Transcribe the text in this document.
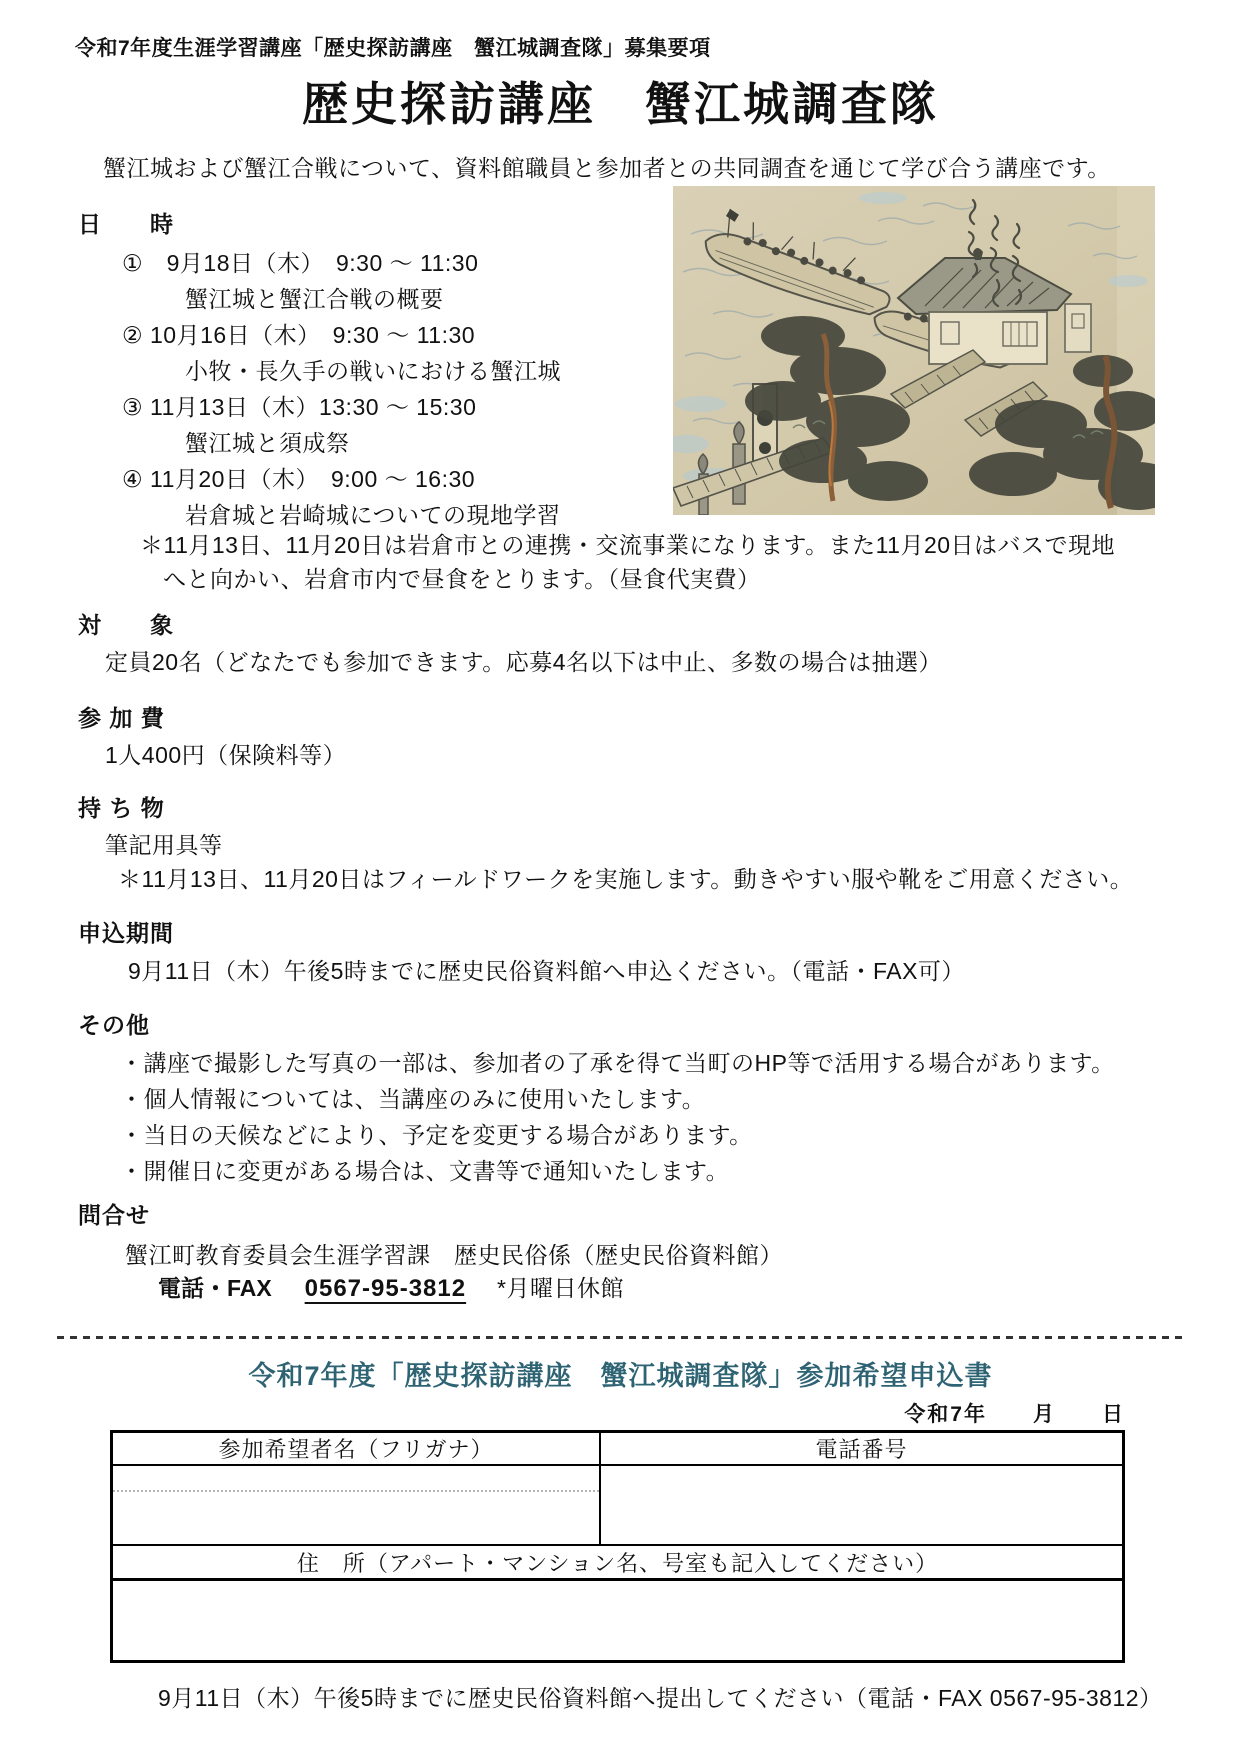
令和7年度生涯学習講座「歴史探訪講座　蟹江城調査隊」募集要項
歴史探訪講座　蟹江城調査隊
蟹江城および蟹江合戦について、資料館職員と参加者との共同調査を通じて学び合う講座です。
日　　時
①　9月18日（木）　9:30 ～ 11:30
蟹江城と蟹江合戦の概要
② 10月16日（木）　9:30 ～ 11:30
小牧・長久手の戦いにおける蟹江城
③ 11月13日（木）13:30 ～ 15:30
蟹江城と須成祭
④ 11月20日（木）　9:00 ～ 16:30
岩倉城と岩崎城についての現地学習
＊11月13日、11月20日は岩倉市との連携・交流事業になります。また11月20日はバスで現地
へと向かい、岩倉市内で昼食をとります。（昼食代実費）
対　　象
定員20名（どなたでも参加できます。応募4名以下は中止、多数の場合は抽選）
参 加 費
1人400円（保険料等）
持 ち 物
筆記用具等
＊11月13日、11月20日はフィールドワークを実施します。動きやすい服や靴をご用意ください。
申込期間
9月11日（木）午後5時までに歴史民俗資料館へ申込ください。（電話・FAX可）
その他
・講座で撮影した写真の一部は、参加者の了承を得て当町のHP等で活用する場合があります。
・個人情報については、当講座のみに使用いたします。
・当日の天候などにより、予定を変更する場合があります。
・開催日に変更がある場合は、文書等で通知いたします。
問合せ
蟹江町教育委員会生涯学習課　歴史民俗係（歴史民俗資料館）
電話・FAX 0567-95-3812 *月曜日休館
令和7年度「歴史探訪講座　蟹江城調査隊」参加希望申込書
令和7年　　月　　日
参加希望者名（フリガナ）	電話番号
住　所（アパート・マンション名、号室も記入してください）
9月11日（木）午後5時までに歴史民俗資料館へ提出してください（電話・FAX 0567-95-3812）
